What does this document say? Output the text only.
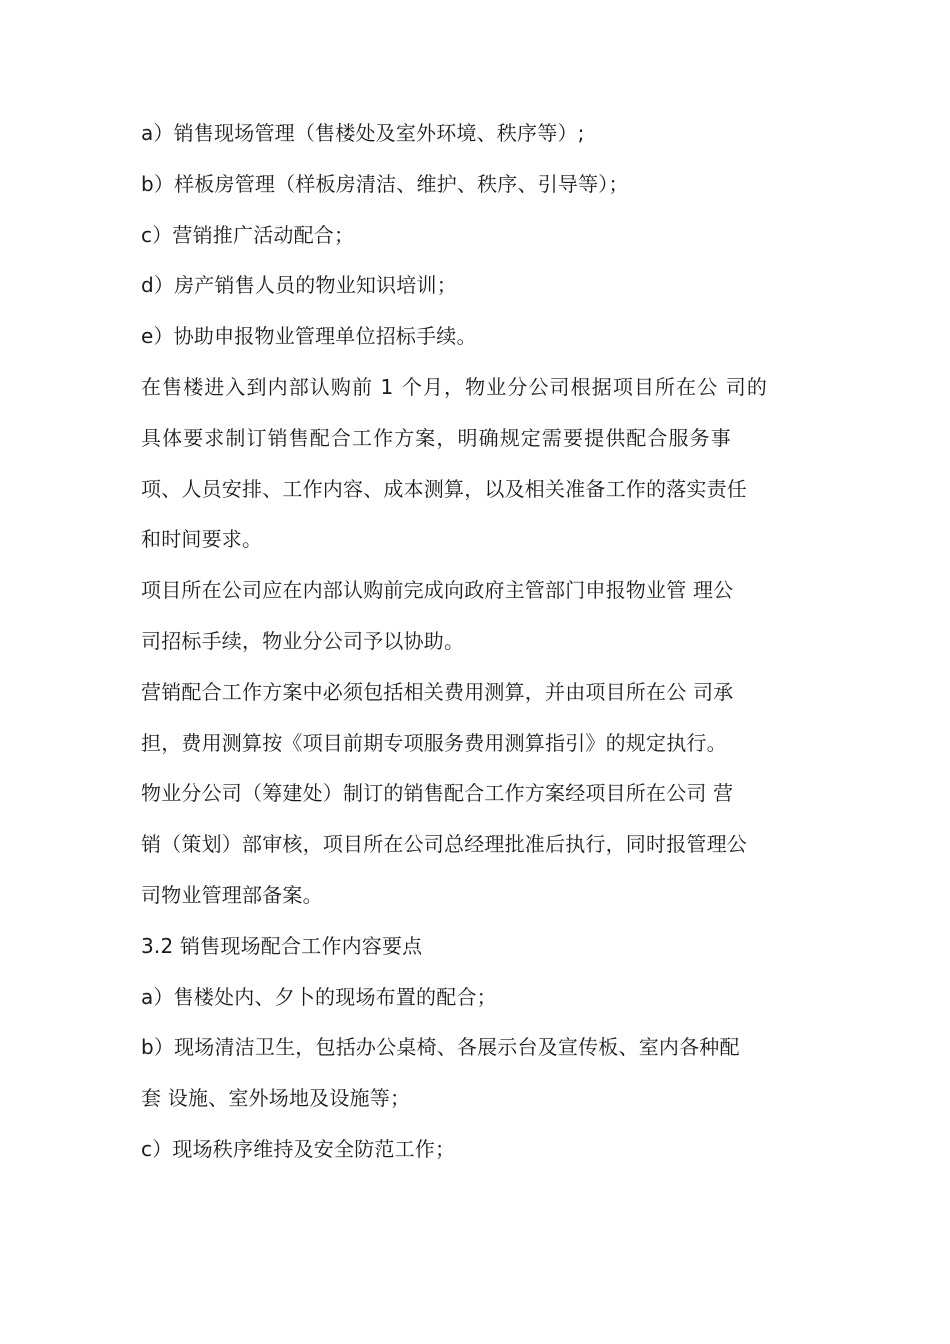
a）销售现场管理（售楼处及室外环境、秩序等）;
b）样板房管理（样板房清洁、维护、秩序、引导等）；
c）营销推广活动配合；
d）房产销售人员的物业知识培训；
e）协助申报物业管理单位招标手续。
在售楼进入到内部认购前 1 个月，物业分公司根据项目所在公 司的
具体要求制订销售配合工作方案，明确规定需要提供配合服务事
项、人员安排、工作内容、成本测算，以及相关准备工作的落实责任
和时间要求。
项目所在公司应在内部认购前完成向政府主管部门申报物业管 理公
司招标手续，物业分公司予以协助。
营销配合工作方案中必须包括相关费用测算，并由项目所在公 司承
担，费用测算按《项目前期专项服务费用测算指引》的规定执行。
物业分公司（筹建处）制订的销售配合工作方案经项目所在公司 营
销（策划）部审核，项目所在公司总经理批准后执行，同时报管理公
司物业管理部备案。
3.2 销售现场配合工作内容要点
a）售楼处内、夕卜的现场布置的配合；
b）现场清洁卫生，包括办公桌椅、各展示台及宣传板、室内各种配
套 设施、室外场地及设施等；
c）现场秩序维持及安全防范工作；
